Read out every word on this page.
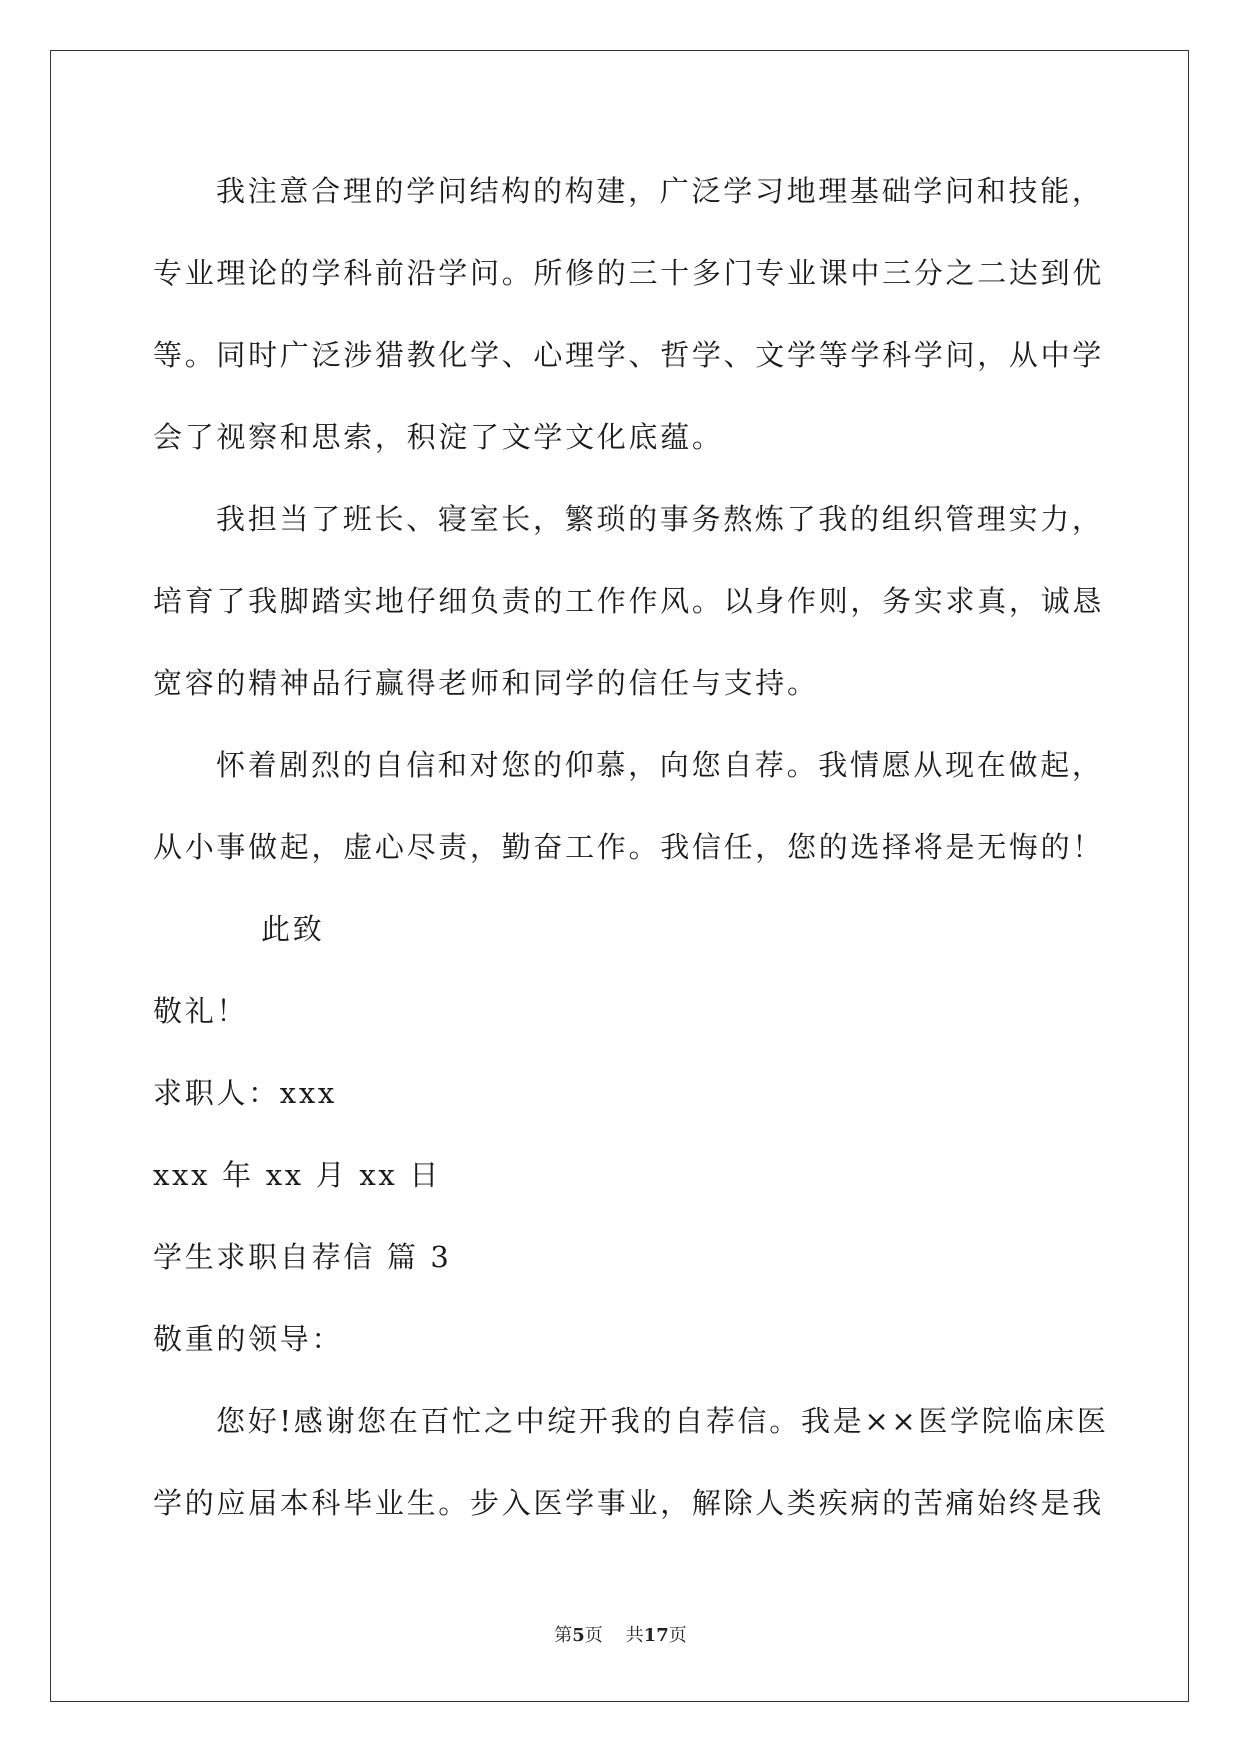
我注意合理的学问结构的构建，广泛学习地理基础学问和技能，
专业理论的学科前沿学问。所修的三十多门专业课中三分之二达到优
等。同时广泛涉猎教化学、心理学、哲学、文学等学科学问，从中学
会了视察和思索，积淀了文学文化底蕴。
我担当了班长、寝室长，繁琐的事务熬炼了我的组织管理实力，
培育了我脚踏实地仔细负责的工作作风。以身作则，务实求真，诚恳
宽容的精神品行赢得老师和同学的信任与支持。
怀着剧烈的自信和对您的仰慕，向您自荐。我情愿从现在做起，
从小事做起，虚心尽责，勤奋工作。我信任，您的选择将是无悔的！
此致
敬礼！
求职人：xxx
xxx 年 xx 月 xx 日
学生求职自荐信 篇 3
敬重的领导：
您好!感谢您在百忙之中绽开我的自荐信。我是××医学院临床医
学的应届本科毕业生。步入医学事业，解除人类疾病的苦痛始终是我
第5页 共17页
